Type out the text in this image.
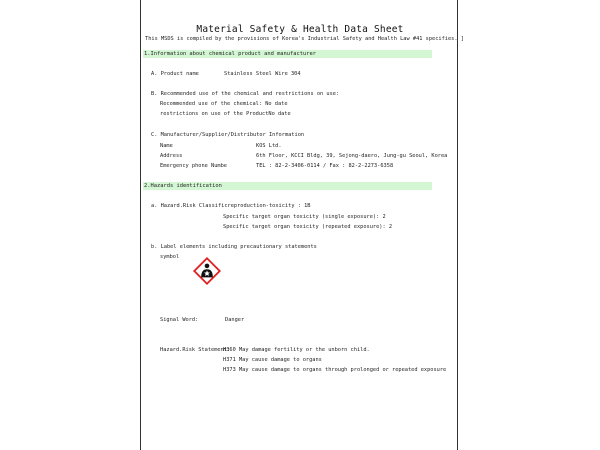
Material Safety & Health Data Sheet
This MSDS is compiled by the provisions of Korea's Industrial Safety and Health Law #41 specifies. ]
1.Information about chemical product and manufacturer
A. Product name	Stainless Steel Wire 304
B. Recommended use of the chemical and restrictions on use:
Recommended use of the chemical: No date
restrictions on use of the ProductNo date
C. Manufacturer/Supplier/Distributor Information
Name	KOS Ltd.
Address	6th Floor, KCCI Bldg, 39, Sejong-daero, Jung-gu Seoul, Korea
Emergency phone Numbe	TEL : 82-2-3406-0114 / Fax : 82-2-2273-6358
2.Hazards identification
a. Hazard.Risk Classificreproduction-toxicity : 1B
Specific target organ toxicity (single exposure): 2
Specific target organ toxicity (repeated exposure): 2
b. Label elements including precautionary statements
symbol
Signal Word:	Danger
Hazard.Risk Statement:
H360 May damage fertility or the unborn child.
H371 May cause damage to organs
H373 May cause damage to organs through prolonged or repeated exposure
